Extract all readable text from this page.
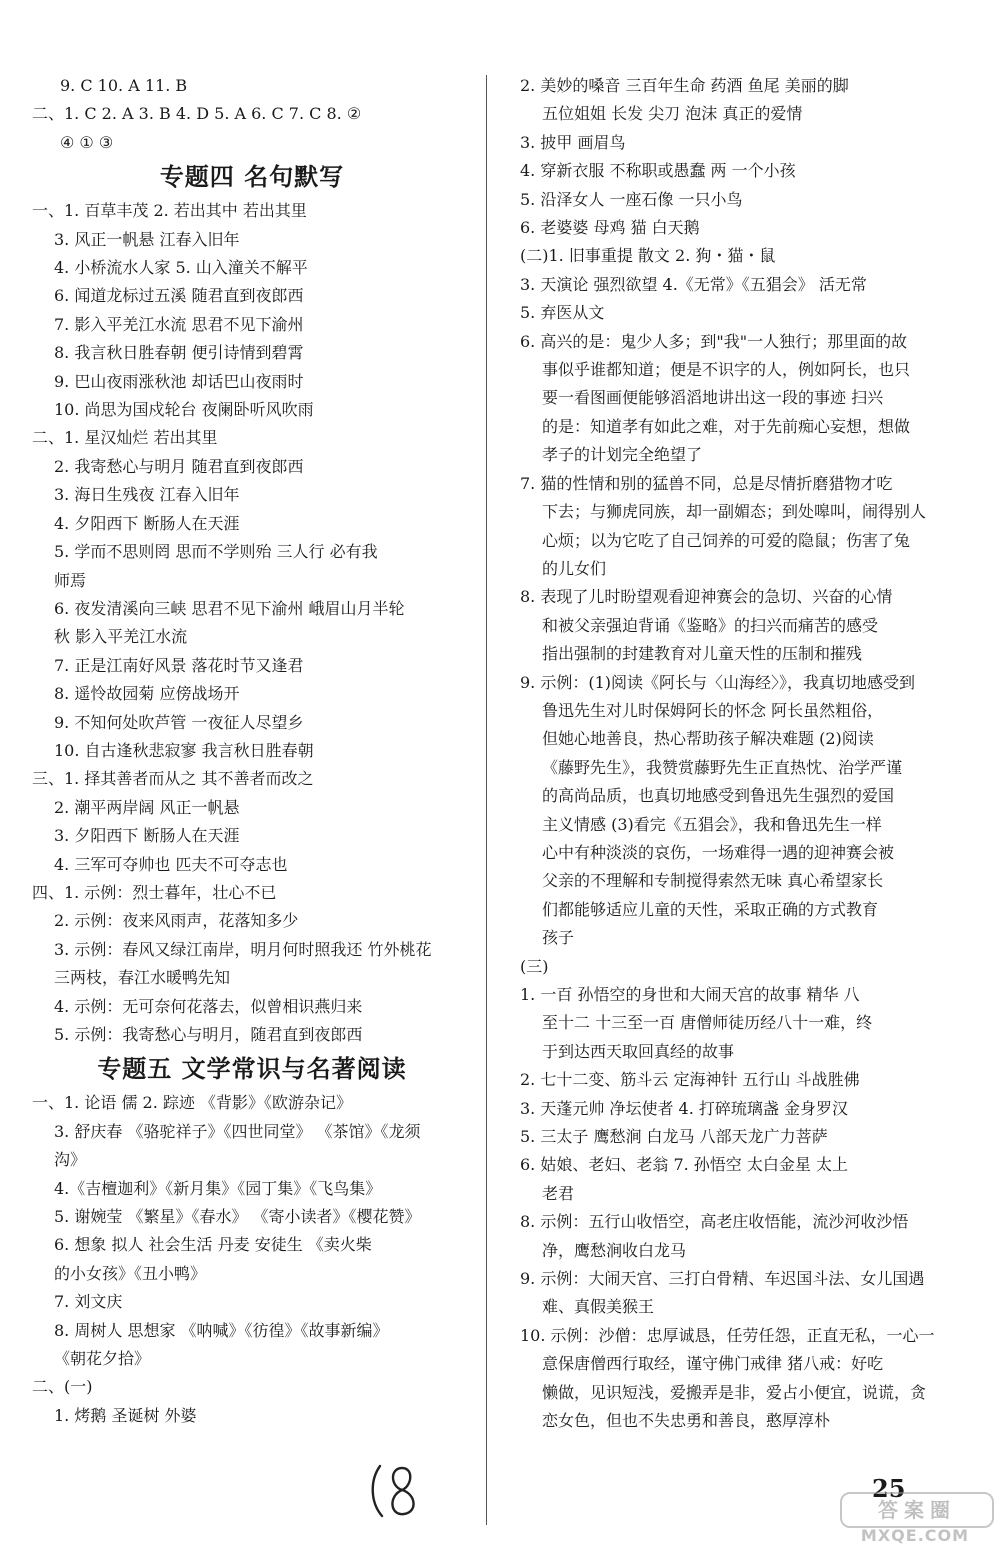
9. C 10. A 11. B
二、1. C 2. A 3. B 4. D 5. A 6. C 7. C 8. ②
④ ① ③
专题四 名句默写
一、1. 百草丰茂 2. 若出其中 若出其里
3. 风正一帆悬 江春入旧年
4. 小桥流水人家 5. 山入潼关不解平
6. 闻道龙标过五溪 随君直到夜郎西
7. 影入平羌江水流 思君不见下渝州
8. 我言秋日胜春朝 便引诗情到碧霄
9. 巴山夜雨涨秋池 却话巴山夜雨时
10. 尚思为国戍轮台 夜阑卧听风吹雨
二、1. 星汉灿烂 若出其里
2. 我寄愁心与明月 随君直到夜郎西
3. 海日生残夜 江春入旧年
4. 夕阳西下 断肠人在天涯
5. 学而不思则罔 思而不学则殆 三人行 必有我
师焉
6. 夜发清溪向三峡 思君不见下渝州 峨眉山月半轮
秋 影入平羌江水流
7. 正是江南好风景 落花时节又逢君
8. 遥怜故园菊 应傍战场开
9. 不知何处吹芦管 一夜征人尽望乡
10. 自古逢秋悲寂寥 我言秋日胜春朝
三、1. 择其善者而从之 其不善者而改之
2. 潮平两岸阔 风正一帆悬
3. 夕阳西下 断肠人在天涯
4. 三军可夺帅也 匹夫不可夺志也
四、1. 示例：烈士暮年，壮心不已
2. 示例：夜来风雨声，花落知多少
3. 示例：春风又绿江南岸，明月何时照我还 竹外桃花
三两枝，春江水暖鸭先知
4. 示例：无可奈何花落去，似曾相识燕归来
5. 示例：我寄愁心与明月，随君直到夜郎西
专题五 文学常识与名著阅读
一、1. 论语 儒 2. 踪迹 《背影》《欧游杂记》
3. 舒庆春 《骆驼祥子》《四世同堂》 《茶馆》《龙须
沟》
4.《吉檀迦利》《新月集》《园丁集》《飞鸟集》
5. 谢婉莹 《繁星》《春水》 《寄小读者》《樱花赞》
6. 想象 拟人 社会生活 丹麦 安徒生 《卖火柴
的小女孩》《丑小鸭》
7. 刘文庆
8. 周树人 思想家 《呐喊》《彷徨》《故事新编》
《朝花夕拾》
二、(一)
1. 烤鹅 圣诞树 外婆
2. 美妙的嗓音 三百年生命 药酒 鱼尾 美丽的脚
五位姐姐 长发 尖刀 泡沫 真正的爱情
3. 披甲 画眉鸟
4. 穿新衣服 不称职或愚蠢 两 一个小孩
5. 沿泽女人 一座石像 一只小鸟
6. 老婆婆 母鸡 猫 白天鹅
(二)1. 旧事重提 散文 2. 狗・猫・鼠
3. 天演论 强烈欲望 4.《无常》《五猖会》 活无常
5. 弃医从文
6. 高兴的是：鬼少人多；到"我"一人独行；那里面的故
事似乎谁都知道；便是不识字的人，例如阿长，也只
要一看图画便能够滔滔地讲出这一段的事迹 扫兴
的是：知道孝有如此之难，对于先前痴心妄想，想做
孝子的计划完全绝望了
7. 猫的性情和别的猛兽不同，总是尽情折磨猎物才吃
下去；与狮虎同族，却一副媚态；到处嗥叫，闹得别人
心烦；以为它吃了自己饲养的可爱的隐鼠；伤害了兔
的儿女们
8. 表现了儿时盼望观看迎神赛会的急切、兴奋的心情
和被父亲强迫背诵《鉴略》的扫兴而痛苦的感受
指出强制的封建教育对儿童天性的压制和摧残
9. 示例：(1)阅读《阿长与〈山海经〉》，我真切地感受到
鲁迅先生对儿时保姆阿长的怀念 阿长虽然粗俗，
但她心地善良，热心帮助孩子解决难题 (2)阅读
《藤野先生》，我赞赏藤野先生正直热忱、治学严谨
的高尚品质，也真切地感受到鲁迅先生强烈的爱国
主义情感 (3)看完《五猖会》，我和鲁迅先生一样
心中有种淡淡的哀伤，一场难得一遇的迎神赛会被
父亲的不理解和专制搅得索然无味 真心希望家长
们都能够适应儿童的天性，采取正确的方式教育
孩子
(三)
1. 一百 孙悟空的身世和大闹天宫的故事 精华 八
至十二 十三至一百 唐僧师徒历经八十一难，终
于到达西天取回真经的故事
2. 七十二变、筋斗云 定海神针 五行山 斗战胜佛
3. 天蓬元帅 净坛使者 4. 打碎琉璃盏 金身罗汉
5. 三太子 鹰愁涧 白龙马 八部天龙广力菩萨
6. 姑娘、老妇、老翁 7. 孙悟空 太白金星 太上
老君
8. 示例：五行山收悟空，高老庄收悟能，流沙河收沙悟
净，鹰愁涧收白龙马
9. 示例：大闹天宫、三打白骨精、车迟国斗法、女儿国遇
难、真假美猴王
10. 示例：沙僧：忠厚诚恳，任劳任怨，正直无私，一心一
意保唐僧西行取经，谨守佛门戒律 猪八戒：好吃
懒做，见识短浅，爱搬弄是非，爱占小便宜，说谎，贪
恋女色，但也不失忠勇和善良，憨厚淳朴
25
答案圈
MXQE.COM
